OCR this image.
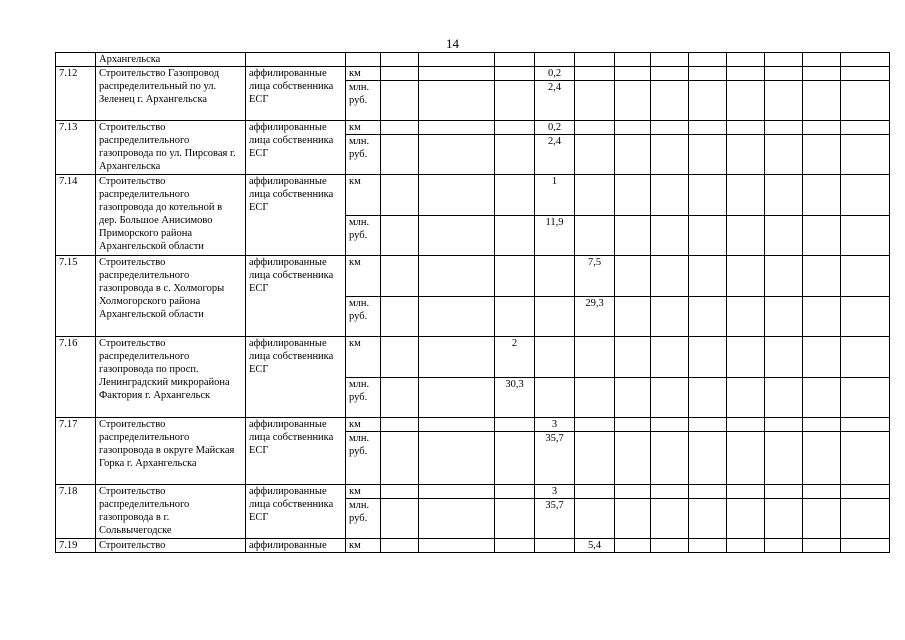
14
	Архангельска															
7.12	Строительство Газопровод распределительный по ул. Зеленец г. Архангельска	аффилированные лица собственника ЕСГ	км				0,2									
			млн. руб.				2,4									
7.13	Строительство распределительного газопровода по ул. Пирсовая г. Архангельска	аффилированные лица собственника ЕСГ	км				0,2									
			млн. руб.				2,4									
7.14	Строительство распределительного газопровода до котельной в дер. Большое Анисимово Приморского района Архангельской области	аффилированные лица собственника ЕСГ	км				1									
			млн. руб.				11,9									
7.15	Строительство распределительного газопровода в с. Холмогоры Холмогорского района Архангельской области	аффилированные лица собственника ЕСГ	км					7,5								
			млн. руб.					29,3								
7.16	Строительство распределительного газопровода по просп. Ленинградский микрорайона Фактория г. Архангельск	аффилированные лица собственника ЕСГ	км			2										
			млн. руб.			30,3										
7.17	Строительство распределительного газопровода в округе Майская Горка г. Архангельска	аффилированные лица собственника ЕСГ	км				3									
			млн. руб.				35,7									
7.18	Строительство распределительного газопровода в г. Сольвычегодске	аффилированные лица собственника ЕСГ	км				3									
			млн. руб.				35,7									
7.19	Строительство	аффилированные	км					5,4								
